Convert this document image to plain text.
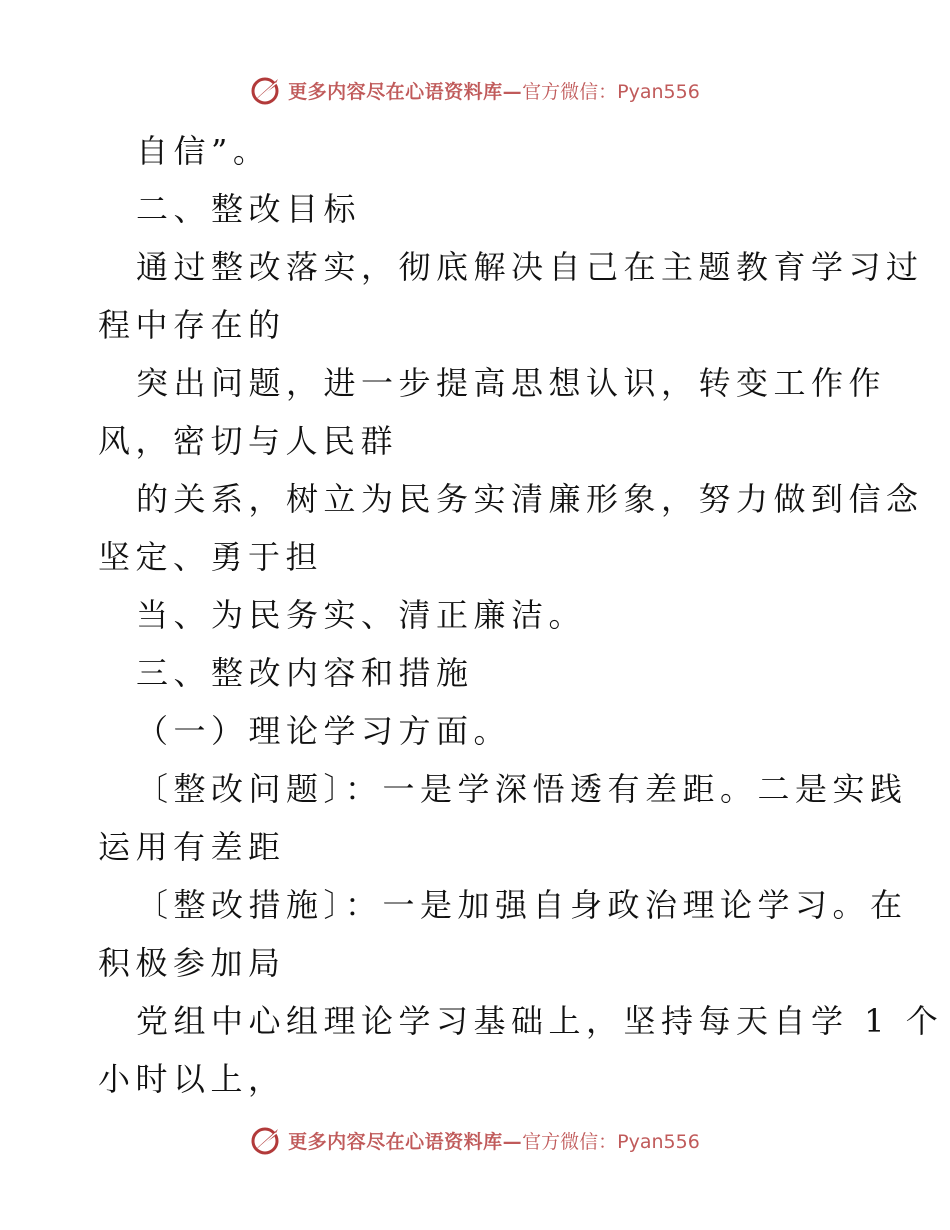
更多内容尽在心语资料库— 官方微信：Pyan556

自信”。

二、整改目标

通过整改落实，彻底解决自己在主题教育学习过

程中存在的

突出问题，进一步提高思想认识，转变工作作

风，密切与人民群

的关系，树立为民务实清廉形象，努力做到信念

坚定、勇于担

当、为民务实、清正廉洁。

三、整改内容和措施

（一）理论学习方面。

〔整改问题〕：一是学深悟透有差距。二是实践

运用有差距

〔整改措施〕：一是加强自身政治理论学习。在

积极参加局

党组中心组理论学习基础上，坚持每天自学 1 个

小时以上，

更多内容尽在心语资料库— 官方微信：Pyan556
